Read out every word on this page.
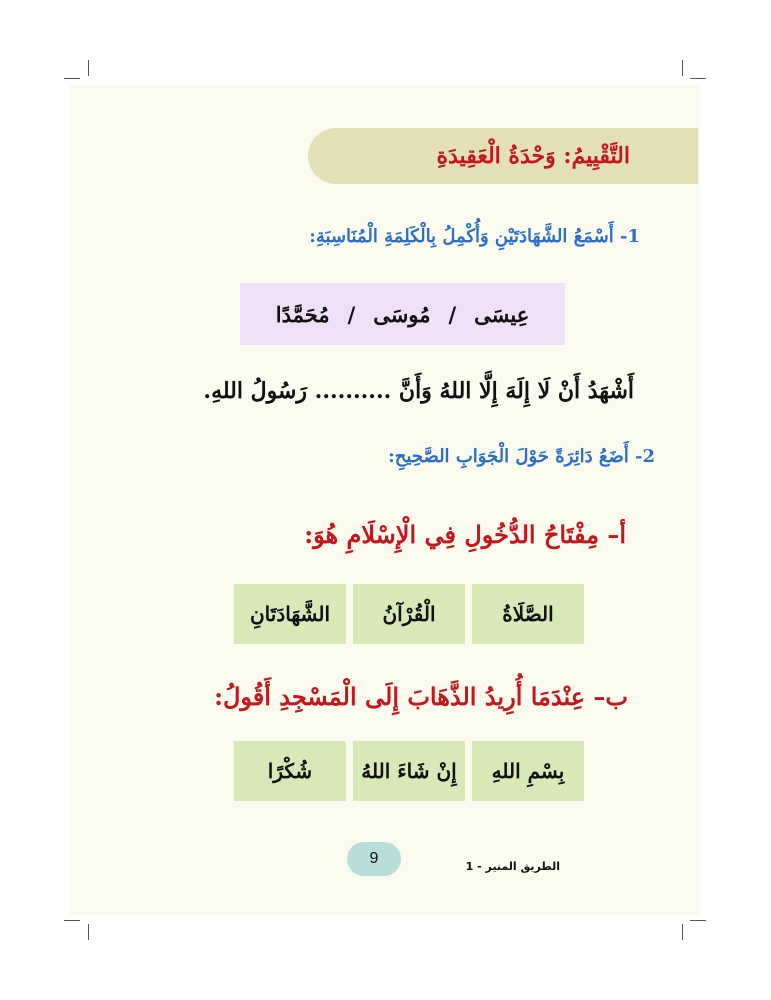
التَّقْيِيمُ: وَحْدَةُ الْعَقِيدَةِ
1- أَسْمَعُ الشَّهَادَتَيْنِ وَأُكْمِلُ بِالْكَلِمَةِ الْمُنَاسِبَةِ:
عِيسَى
/
مُوسَى
/
مُحَمَّدًا
أَشْهَدُ أَنْ لَا إِلَهَ إِلَّا اللهُ وَأَنَّ .......... رَسُولُ اللهِ.
2- أَضَعُ دَائِرَةً حَوْلَ الْجَوَابِ الصَّحِيحِ:
أ– مِفْتَاحُ الدُّخُولِ فِي الْإِسْلَامِ هُوَ:
الصَّلَاةُ
الْقُرْآنُ
الشَّهَادَتَانِ
ب– عِنْدَمَا أُرِيدُ الذَّهَابَ إِلَى الْمَسْجِدِ أَقُولُ:
بِسْمِ اللهِ
إِنْ شَاءَ اللهُ
شُكْرًا
9	الطريق المنير - 1
